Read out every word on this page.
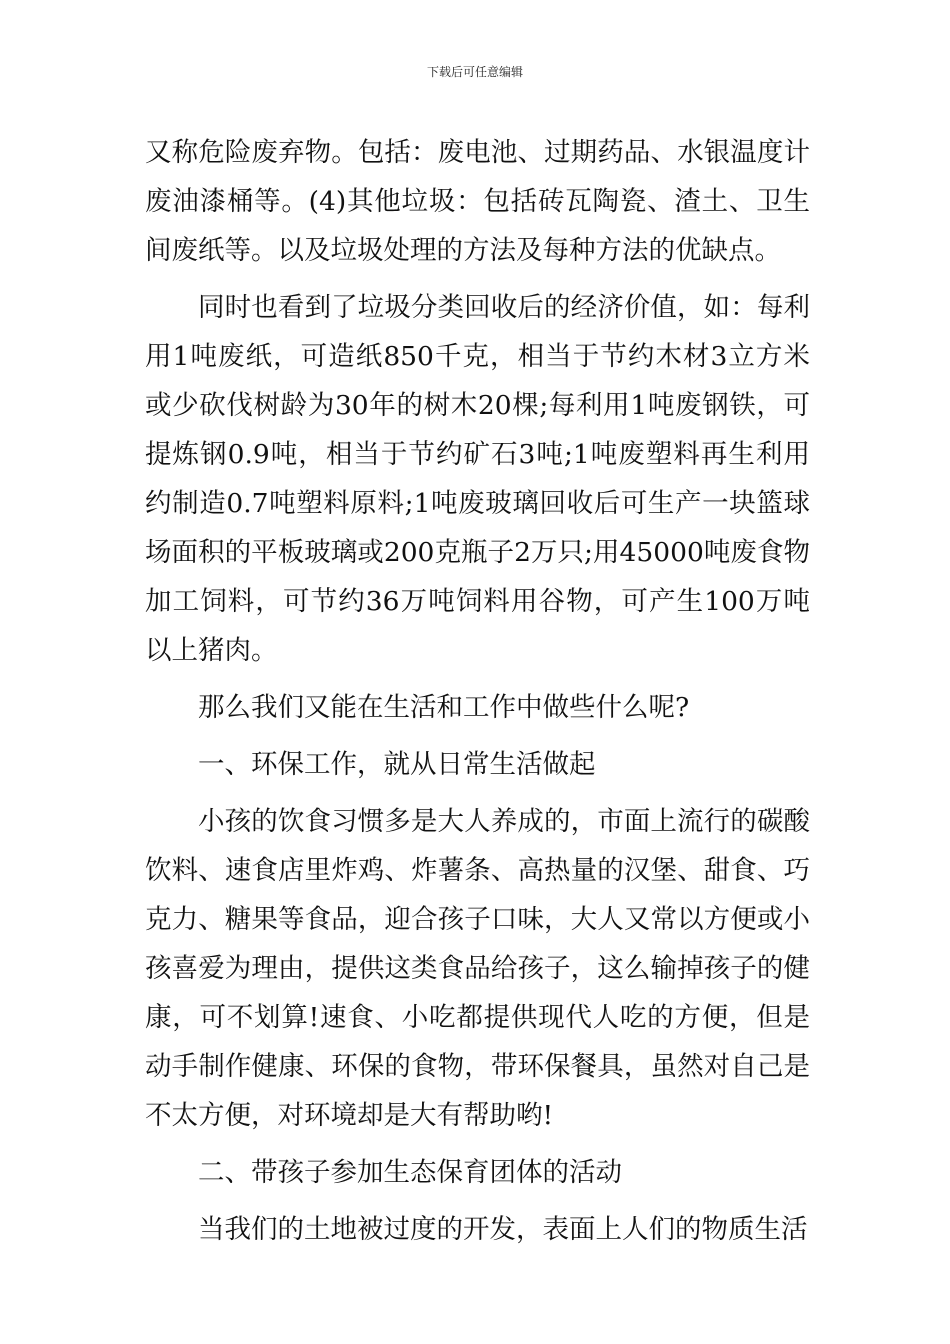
下载后可任意编辑

又称危险废弃物。包括：废电池、过期药品、水银温度计废油漆桶等。(4)其他垃圾：包括砖瓦陶瓷、渣土、卫生间废纸等。以及垃圾处理的方法及每种方法的优缺点。

同时也看到了垃圾分类回收后的经济价值，如：每利用1吨废纸，可造纸850千克，相当于节约木材3立方米或少砍伐树龄为30年的树木20棵;每利用1吨废钢铁，可提炼钢0.9吨，相当于节约矿石3吨;1吨废塑料再生利用约制造0.7吨塑料原料;1吨废玻璃回收后可生产一块篮球场面积的平板玻璃或200克瓶子2万只;用45000吨废食物加工饲料，可节约36万吨饲料用谷物，可产生100万吨以上猪肉。

那么我们又能在生活和工作中做些什么呢?

一、环保工作，就从日常生活做起

小孩的饮食习惯多是大人养成的，市面上流行的碳酸饮料、速食店里炸鸡、炸薯条、高热量的汉堡、甜食、巧克力、糖果等食品，迎合孩子口味，大人又常以方便或小孩喜爱为理由，提供这类食品给孩子，这么输掉孩子的健康，可不划算!速食、小吃都提供现代人吃的方便，但是动手制作健康、环保的食物，带环保餐具，虽然对自己是不太方便，对环境却是大有帮助哟!

二、带孩子参加生态保育团体的活动

当我们的土地被过度的开发，表面上人们的物质生活
